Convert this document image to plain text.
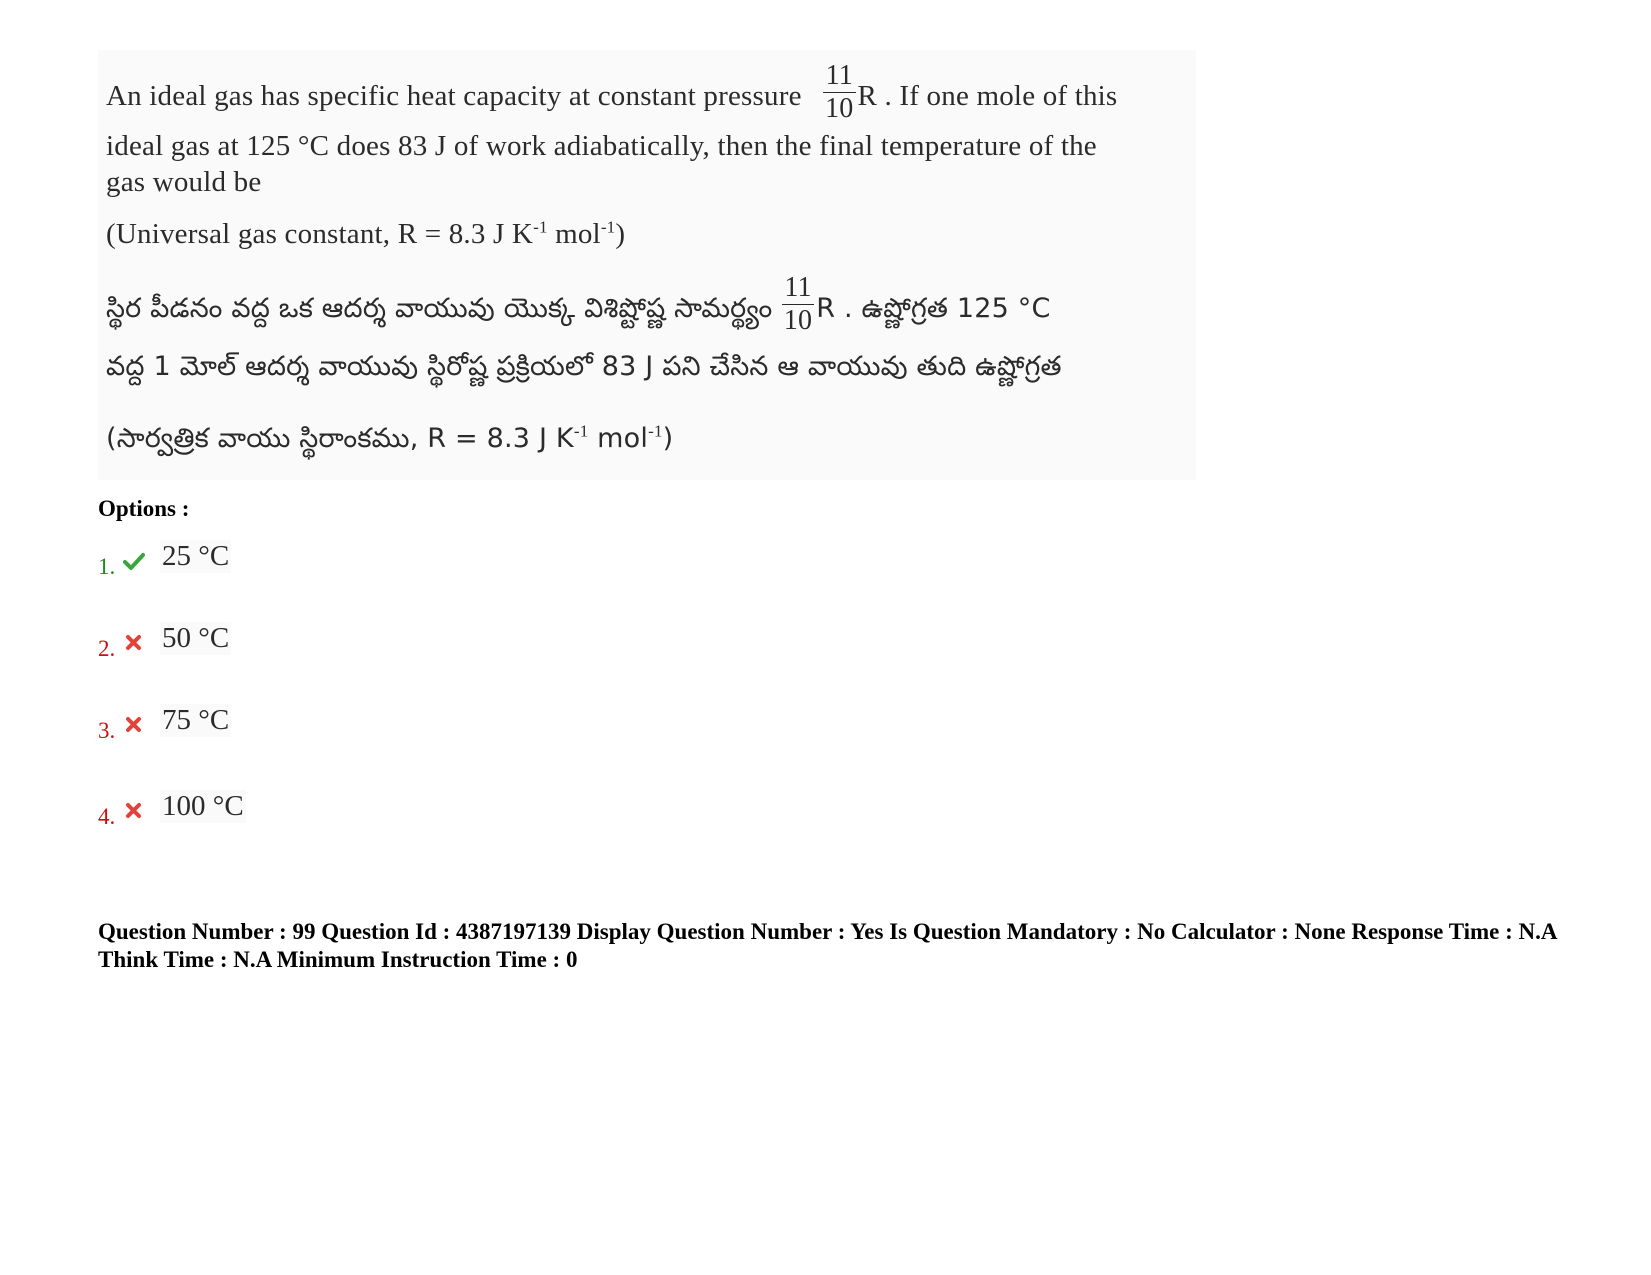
An ideal gas has specific heat capacity at constant pressure $\frac{11}{10}$ R . If one mole of this
ideal gas at 125 °C does 83 J of work adiabatically, then the final temperature of the
gas would be
(Universal gas constant, R = 8.3 J $K^{-1}$ mol$^{-1}$)
స్థిర పీడనం వద్ద ఒక ఆదర్శ వాయువు యొక్క విశిష్టోష్ణ సామర్థ్యం $\frac{11}{10}$ R . ఉష్ణోగ్రత 125 °C
వద్ద 1 మోల్ ఆదర్శ వాయువు స్థిరోష్ణ ప్రక్రియలో 83 J పని చేసిన ఆ వాయువు తుది ఉష్ణోగ్రత
(సార్వత్రిక వాయు స్థిరాంకము, R = 8.3 J $K^{-1}$ mol$^{-1}$)
Options :
1. 25 °C
2. 50 °C
3. 75 °C
4. 100 °C
Question Number : 99 Question Id : 4387197139 Display Question Number : Yes Is Question Mandatory : No Calculator : None Response Time : N.A Think Time : N.A Minimum Instruction Time : 0
